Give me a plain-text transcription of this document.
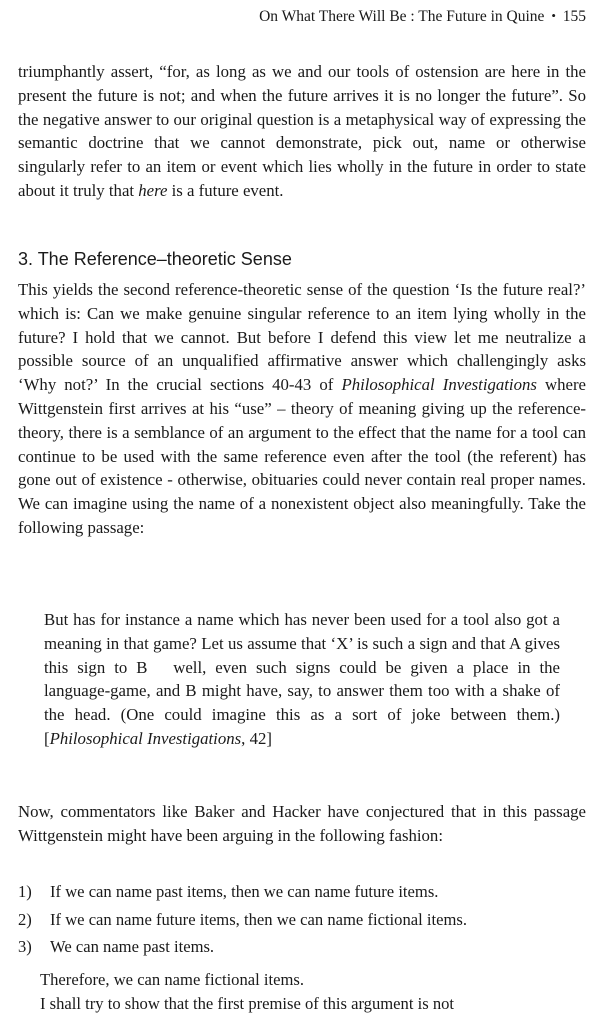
On What There Will Be : The Future in Quine • 155
triumphantly assert, “for, as long as we and our tools of ostension are here in the present the future is not; and when the future arrives it is no longer the future”. So the negative answer to our original question is a metaphysical way of expressing the semantic doctrine that we cannot demonstrate, pick out, name or otherwise singularly refer to an item or event which lies wholly in the future in order to state about it truly that here is a future event.
3. The Reference–theoretic Sense
This yields the second reference-theoretic sense of the question ‘Is the future real?’ which is: Can we make genuine singular reference to an item lying wholly in the future? I hold that we cannot. But before I defend this view let me neutralize a possible source of an unqualified affirmative answer which challengingly asks ‘Why not?’ In the crucial sections 40-43 of Philosophical Investigations where Wittgenstein first arrives at his “use” – theory of meaning giving up the reference-theory, there is a semblance of an argument to the effect that the name for a tool can continue to be used with the same reference even after the tool (the referent) has gone out of existence - otherwise, obituaries could never contain real proper names. We can imagine using the name of a nonexistent object also meaningfully. Take the following passage:
But has for instance a name which has never been used for a tool also got a meaning in that game? Let us assume that ‘X’ is such a sign and that A gives this sign to B  well, even such signs could be given a place in the language-game, and B might have, say, to answer them too with a shake of the head. (One could imagine this as a sort of joke between them.) [Philosophical Investigations, 42]
Now, commentators like Baker and Hacker have conjectured that in this passage Wittgenstein might have been arguing in the following fashion:
1)	If we can name past items, then we can name future items.
2)	If we can name future items, then we can name fictional items.
3)	We can name past items.
Therefore, we can name fictional items.
I shall try to show that the first premise of this argument is not
